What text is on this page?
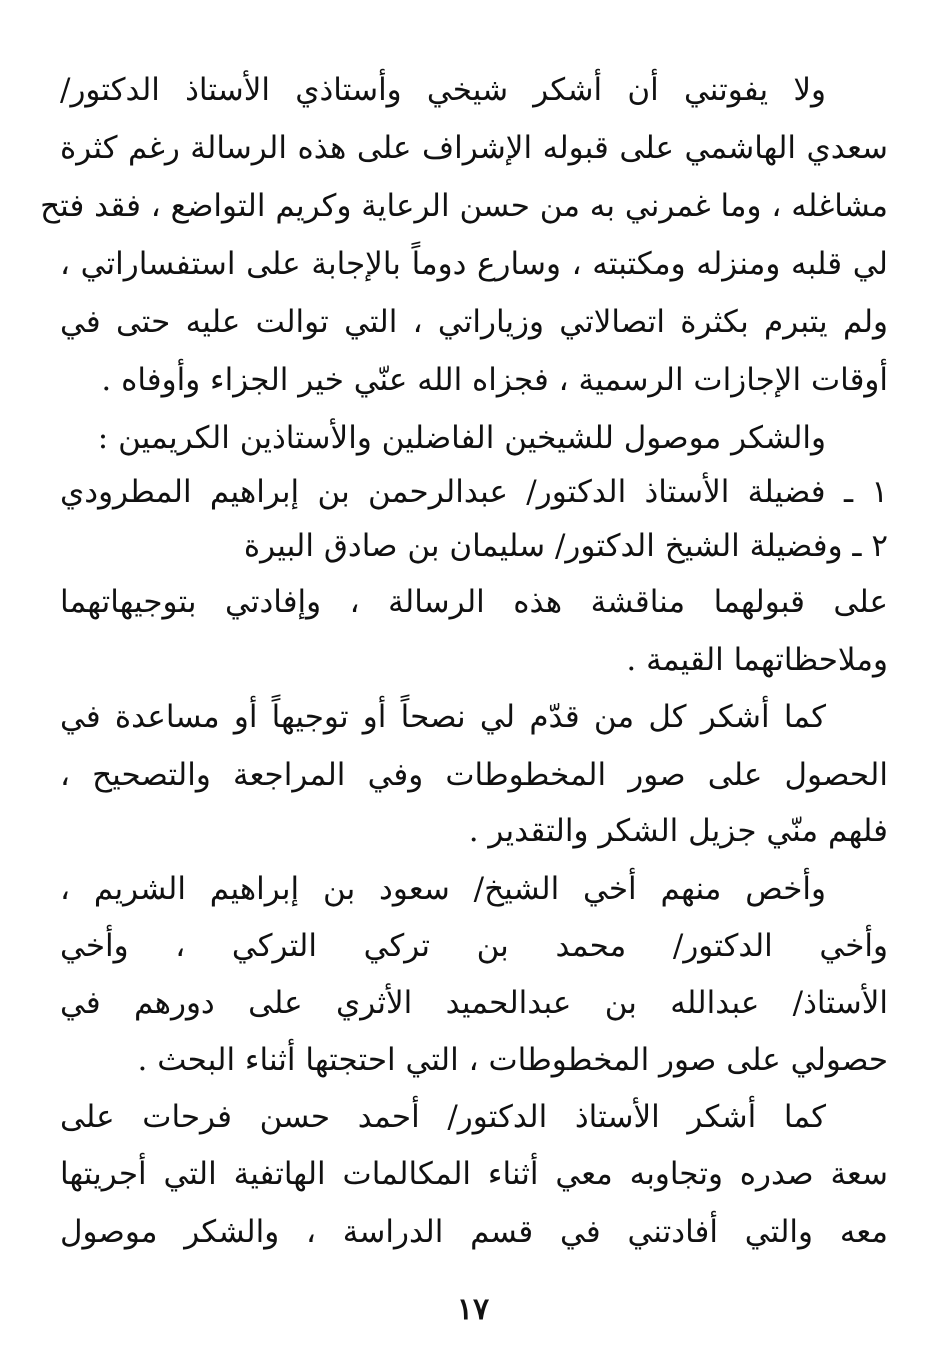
ولا يفوتني أن أشكر شيخي وأستاذي الأستاذ الدكتور/
سعدي الهاشمي على قبوله الإشراف على هذه الرسالة رغم كثرة
مشاغله ، وما غمرني به من حسن الرعاية وكريم التواضع ، فقد فتح
لي قلبه ومنزله ومكتبته ، وسارع دوماً بالإجابة على استفساراتي ،
ولم يتبرم بكثرة اتصالاتي وزياراتي ، التي توالت عليه حتى في
أوقات الإجازات الرسمية ، فجزاه الله عنّي خير الجزاء وأوفاه .
والشكر موصول للشيخين الفاضلين والأستاذين الكريمين :
١ ـ فضيلة الأستاذ الدكتور/ عبدالرحمن بن إبراهيم المطرودي
٢ ـ وفضيلة الشيخ الدكتور/ سليمان بن صادق البيرة
على قبولهما مناقشة هذه الرسالة ، وإفادتي بتوجيهاتهما
وملاحظاتهما القيمة .
كما أشكر كل من قدّم لي نصحاً أو توجيهاً أو مساعدة في
الحصول على صور المخطوطات وفي المراجعة والتصحيح ،
فلهم منّي جزيل الشكر والتقدير .
وأخص منهم أخي الشيخ/ سعود بن إبراهيم الشريم ،
وأخي الدكتور/ محمد بن تركي التركي ، وأخي
الأستاذ/ عبدالله بن عبدالحميد الأثري على دورهم في
حصولي على صور المخطوطات ، التي احتجتها أثناء البحث .
كما أشكر الأستاذ الدكتور/ أحمد حسن فرحات على
سعة صدره وتجاوبه معي أثناء المكالمات الهاتفية التي أجريتها
معه والتي أفادتني في قسم الدراسة ، والشكر موصول
١٧
